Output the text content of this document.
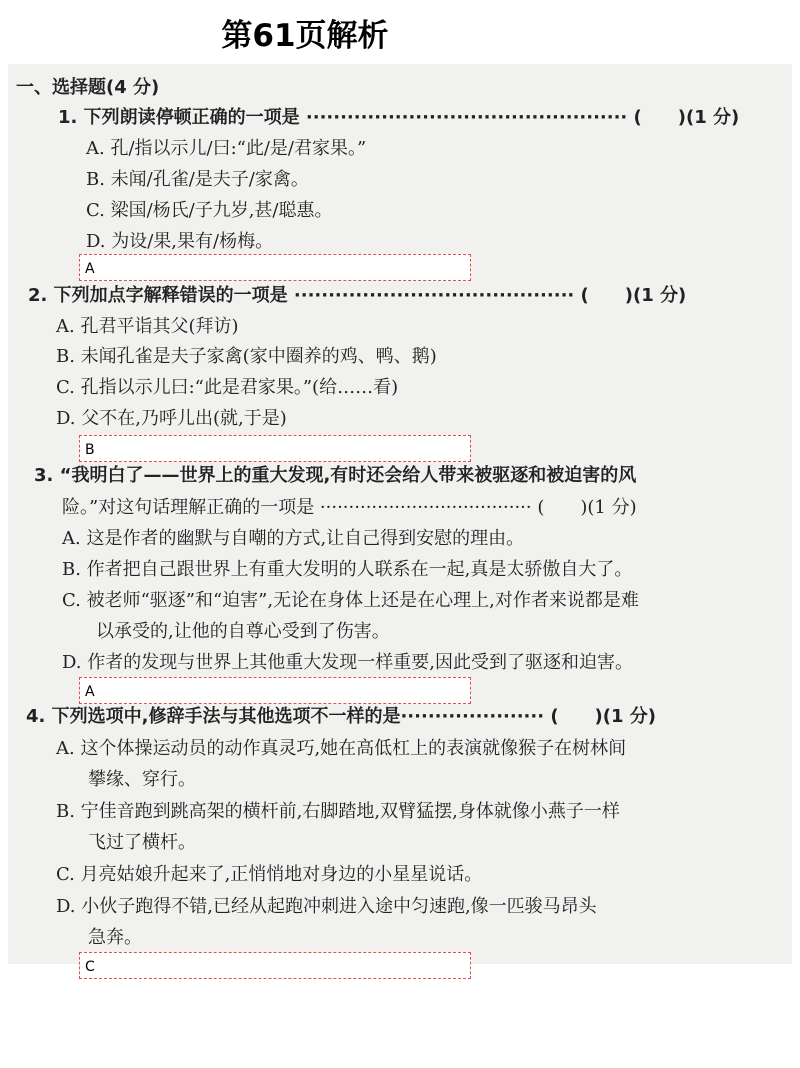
第61页解析
一、选择题(4 分)
1. 下列朗读停顿正确的一项是 ··············································· (　　)(1 分)
A. 孔/指以示儿/曰:“此/是/君家果。”
B. 未闻/孔雀/是夫子/家禽。
C. 梁国/杨氏/子九岁,甚/聪惠。
D. 为设/果,果有/杨梅。
A
2. 下列加点字解释错误的一项是 ········································· (　　)(1 分)
A. 孔君平诣其父(拜访)
B. 未闻孔雀是夫子家禽(家中圈养的鸡、鸭、鹅)
C. 孔指以示儿曰:“此是君家果。”(给……看)
D. 父不在,乃呼儿出(就,于是)
B
3. “我明白了——世界上的重大发现,有时还会给人带来被驱逐和被迫害的风
险。”对这句话理解正确的一项是 ····································· (　　)(1 分)
A. 这是作者的幽默与自嘲的方式,让自己得到安慰的理由。
B. 作者把自己跟世界上有重大发明的人联系在一起,真是太骄傲自大了。
C. 被老师“驱逐”和“迫害”,无论在身体上还是在心理上,对作者来说都是难
以承受的,让他的自尊心受到了伤害。
D. 作者的发现与世界上其他重大发现一样重要,因此受到了驱逐和迫害。
A
4. 下列选项中,修辞手法与其他选项不一样的是····················· (　　)(1 分)
A. 这个体操运动员的动作真灵巧,她在高低杠上的表演就像猴子在树林间
攀缘、穿行。
B. 宁佳音跑到跳高架的横杆前,右脚踏地,双臂猛摆,身体就像小燕子一样
飞过了横杆。
C. 月亮姑娘升起来了,正悄悄地对身边的小星星说话。
D. 小伙子跑得不错,已经从起跑冲刺进入途中匀速跑,像一匹骏马昂头
急奔。
C
